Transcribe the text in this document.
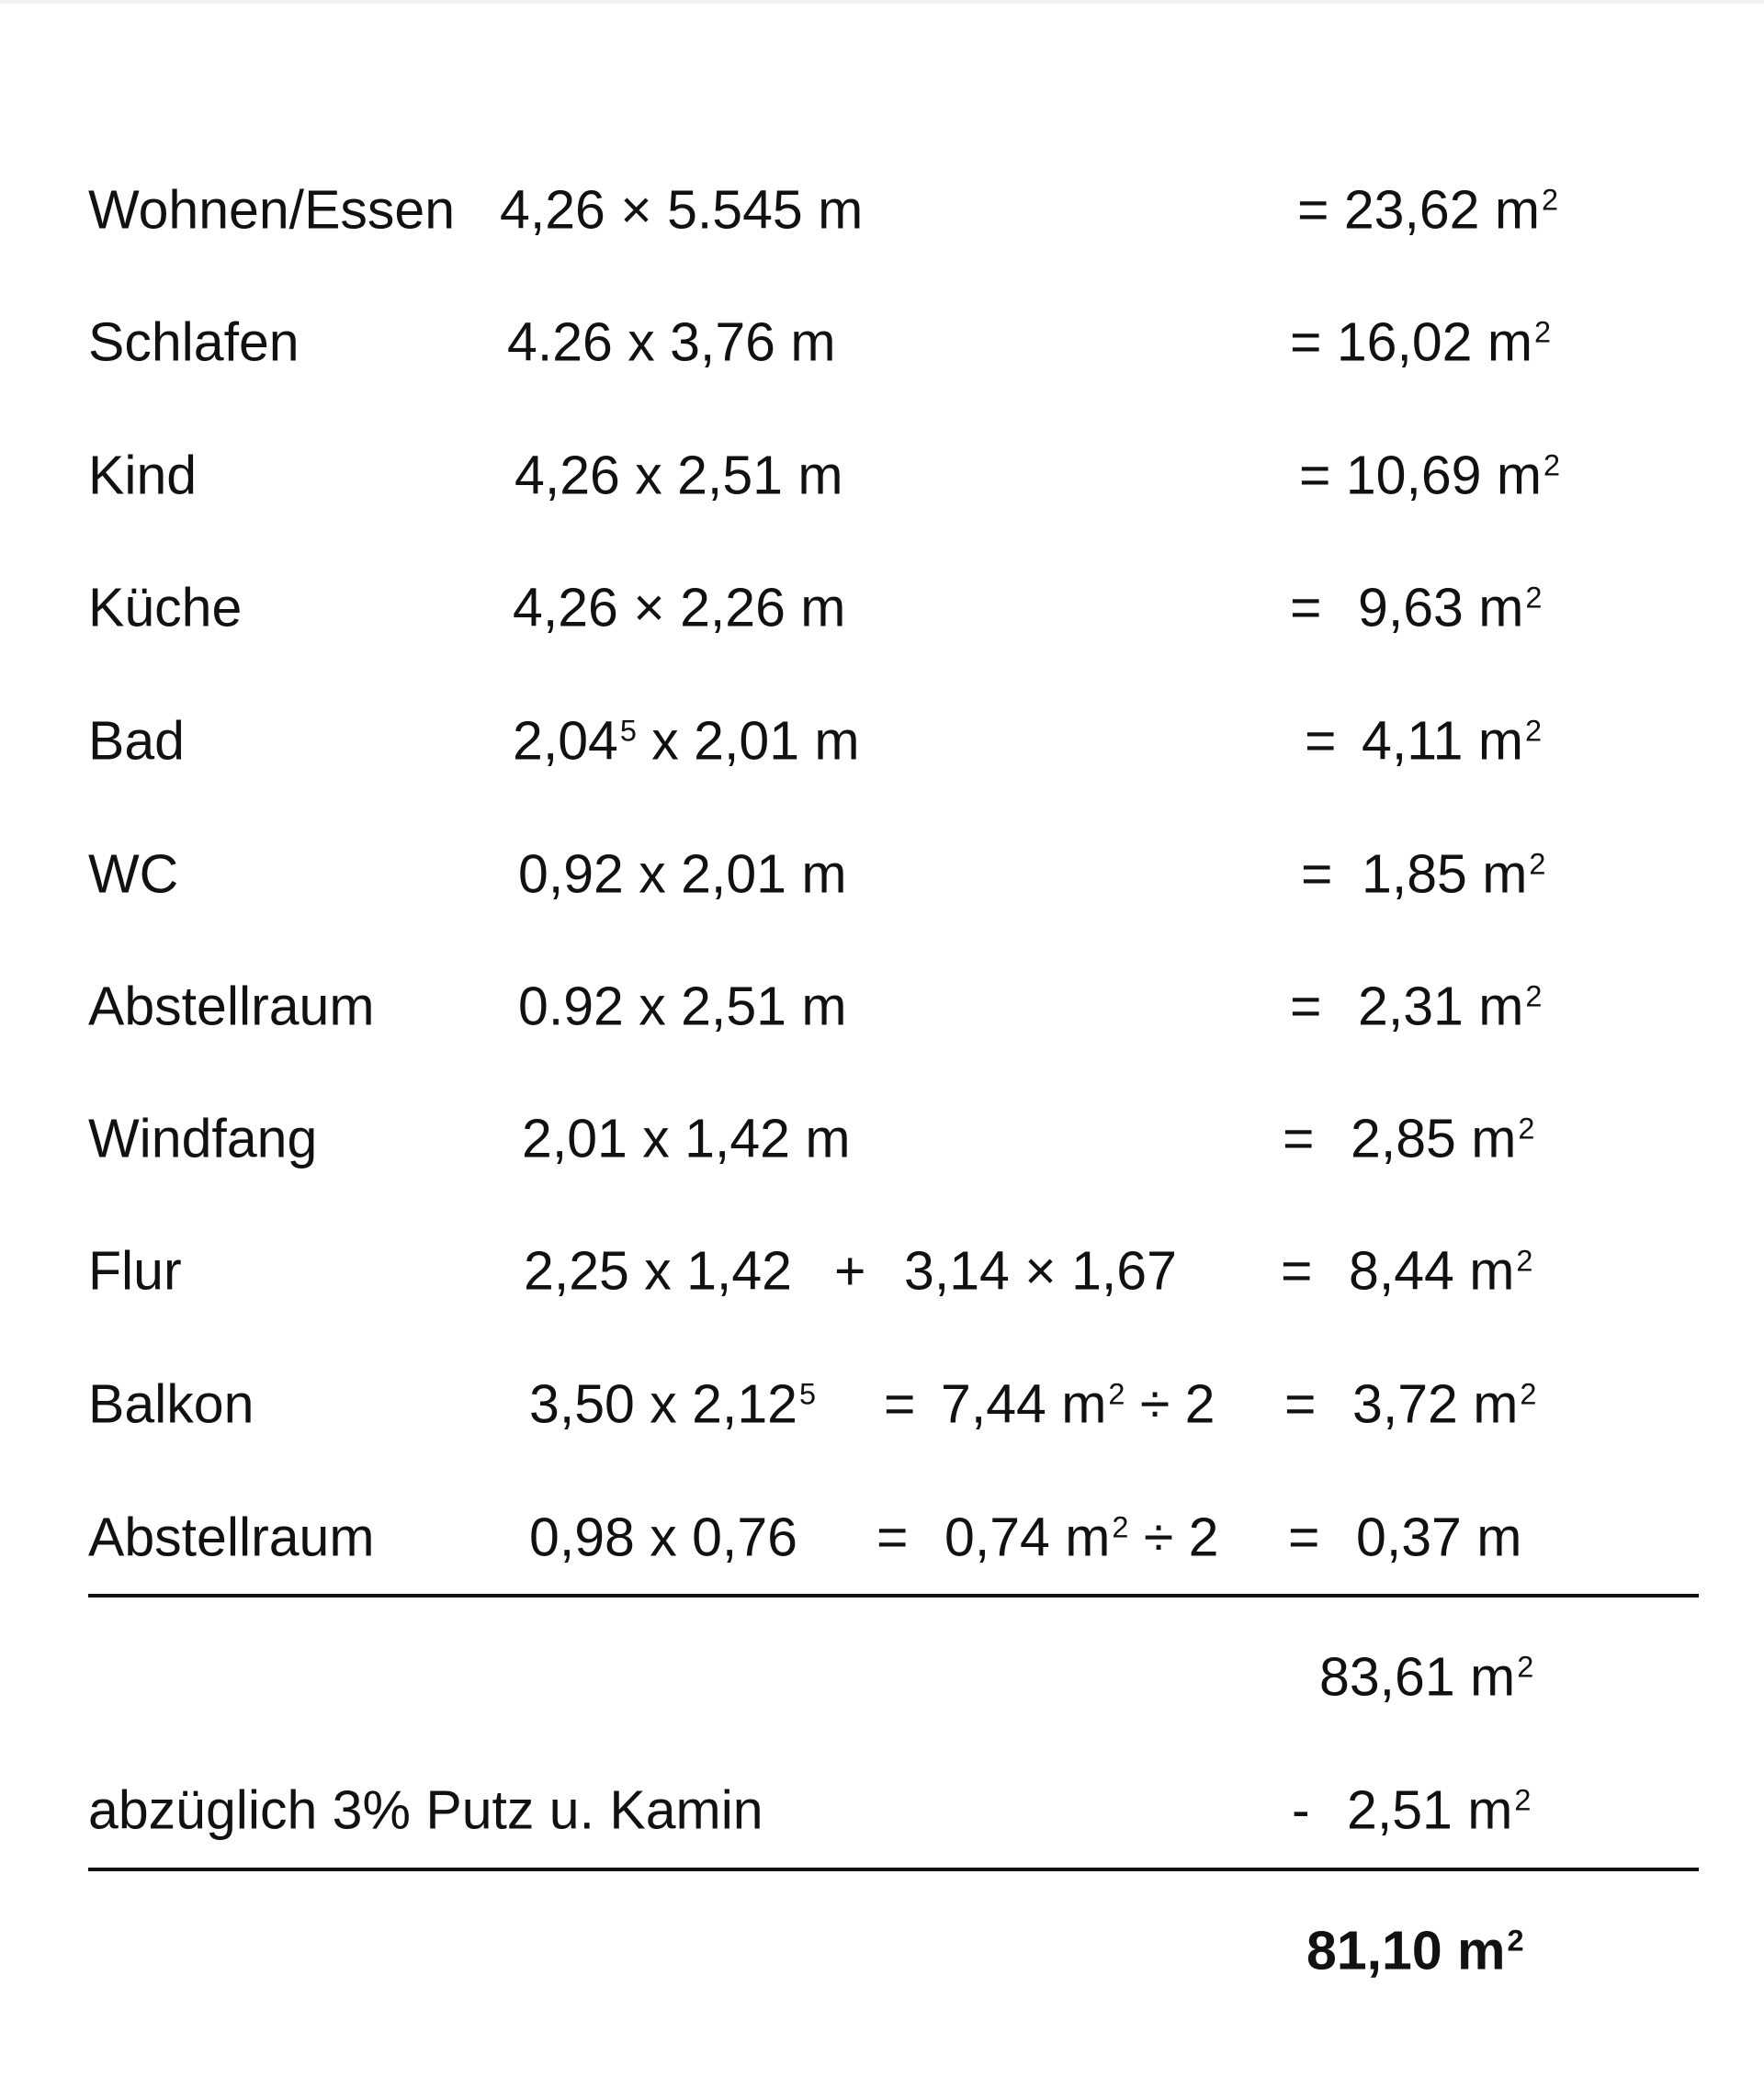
Wohnen/Essen 4,26 × 5.545 m	= 23,62 $m^2$
Schlafen	4.26 x 3,76 m	= 16,02 $m^2$
Kind	4,26 x 2,51 m	= 10,69 $m^2$
Küche	4,26 × 2,26 m	= 9,63 $m^2$
Bad	2,04$^5$ x 2,01 m	= 4,11 $m^2$
WC	0,92 x 2,01 m	= 1,85 $m^2$
Abstellraum	0.92 x 2,51 m	= 2,31 $m^2$
Windfang	2,01 x 1,42 m	= 2,85 $m^2$
Flur	2,25 x 1,42 + 3,14 × 1,67 = 8,44 $m^2$
Balkon	3,50 x $2,12^5 = 7,44$ $m^2 \div 2 = 3,72$ $m^2$
Abstellraum	0,98 x 0,76 = 0,74 $m^2 \div 2 = 0,37$ m
83,61 $m^2$
abzüglich 3% Putz u. Kamin	- 2,51 $m^2$
81,10 $m^2$
